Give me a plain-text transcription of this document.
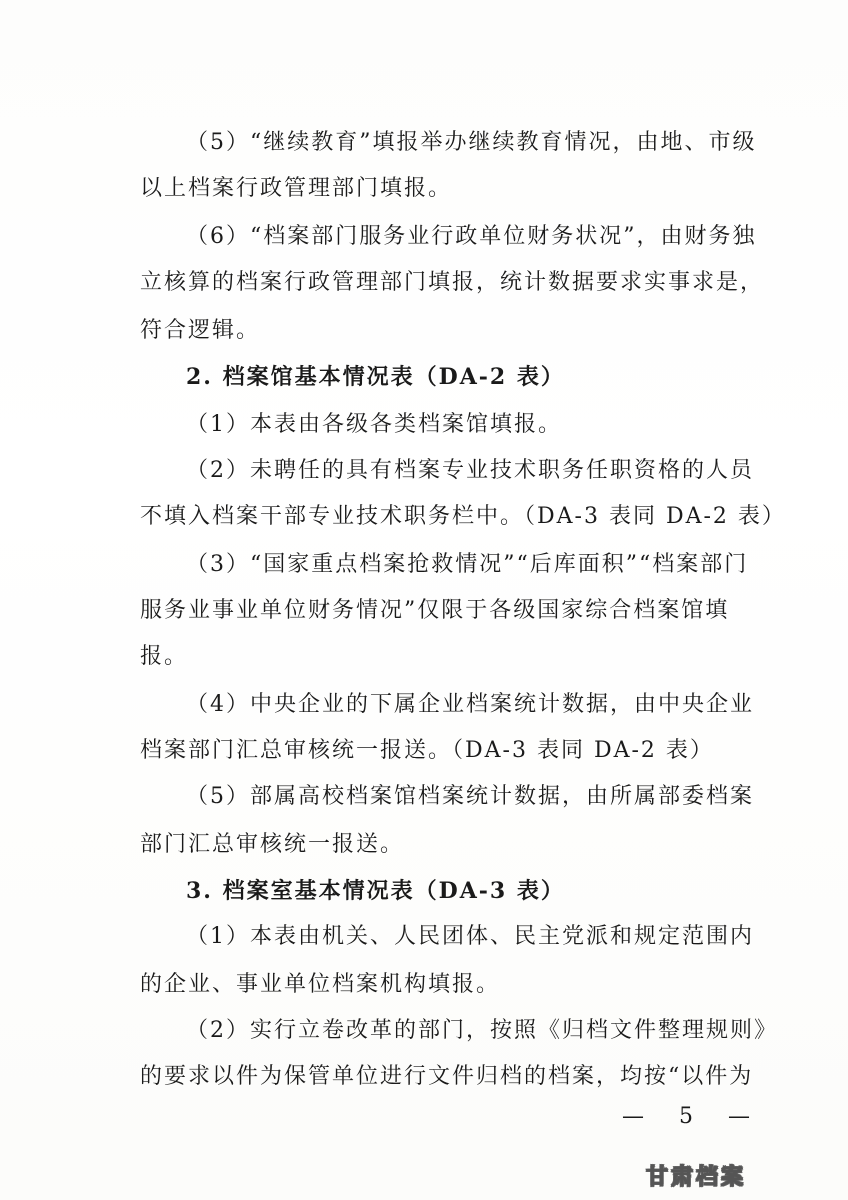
（5）“继续教育”填报举办继续教育情况，由地、市级
以上档案行政管理部门填报。
（6）“档案部门服务业行政单位财务状况”，由财务独
立核算的档案行政管理部门填报，统计数据要求实事求是，
符合逻辑。
2. 档案馆基本情况表（DA-2 表）
（1）本表由各级各类档案馆填报。
（2）未聘任的具有档案专业技术职务任职资格的人员
不填入档案干部专业技术职务栏中。（DA-3 表同 DA-2 表）
（3）“国家重点档案抢救情况”“后库面积”“档案部门
服务业事业单位财务情况”仅限于各级国家综合档案馆填
报。
（4）中央企业的下属企业档案统计数据，由中央企业
档案部门汇总审核统一报送。（DA-3 表同 DA-2 表）
（5）部属高校档案馆档案统计数据，由所属部委档案
部门汇总审核统一报送。
3. 档案室基本情况表（DA-3 表）
（1）本表由机关、人民团体、民主党派和规定范围内
的企业、事业单位档案机构填报。
（2）实行立卷改革的部门，按照《归档文件整理规则》
的要求以件为保管单位进行文件归档的档案，均按“以件为
— 5 —
甘肃档案
